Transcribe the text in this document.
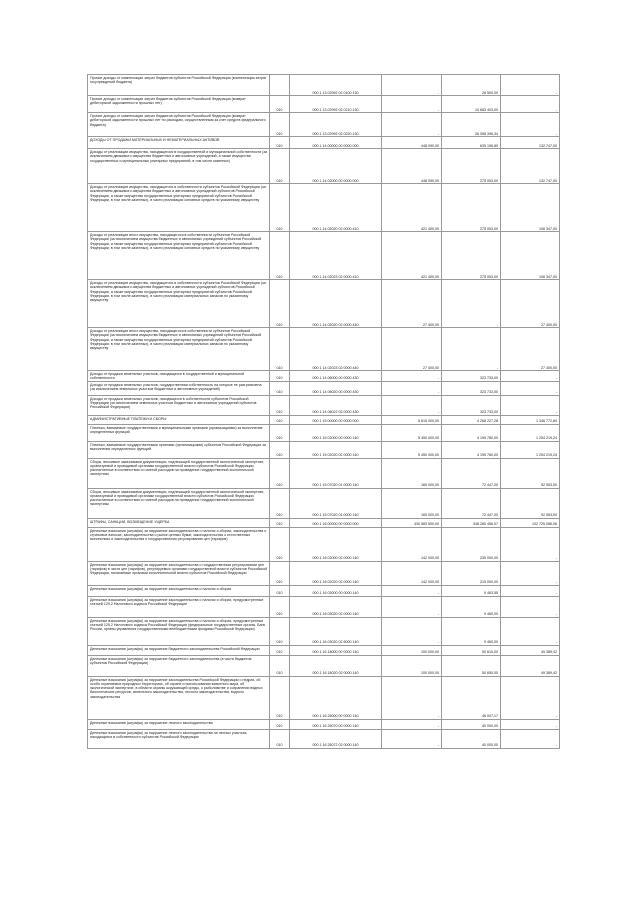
Прочие доходы от компенсации затрат бюджетов субъектов Российской Федерации (компенсации затрат госучреждений бюджета)		000 1 13 02992 02 0100 130	-	28 500,00	-
Прочие доходы от компенсации затрат бюджетов субъектов Российской Федерации (возврат дебиторской задолженности прошлых лет)	010	000 1 13 02992 02 0210 130	-	10 683 403,00	-
Прочие доходы от компенсации затрат бюджетов субъектов Российской Федерации (возврат дебиторской задолженности прошлых лет по расходам, осуществленным за счет средств федерального бюджета)	010	000 1 13 02992 02 0220 130	-	26 098 396,34	-
ДОХОДЫ ОТ ПРОДАЖИ МАТЕРИАЛЬНЫХ И НЕМАТЕРИАЛЬНЫХ АКТИВОВ	010	000 1 14 00000 00 0000 000	448 090,00	635 196,89	132 747,00
Доходы от реализации имущества, находящегося в государственной и муниципальной собственности (за исключением движимого имущества бюджетных и автономных учреждений, а также имущества государственных и муниципальных унитарных предприятий, в том числе казенных)	010	000 1 14 02000 00 0000 000	448 090,00	275 053,00	132 747,00
Доходы от реализации имущества, находящегося в собственности субъектов Российской Федерации (за исключением движимого имущества бюджетных и автономных учреждений субъектов Российской Федерации, а также имущества государственных унитарных предприятий субъектов Российской Федерации, в том числе казенных), в части реализации основных средств по указанному имуществу	010	000 1 14 02020 02 0000 410	421 400,00	275 053,00	106 347,00
Доходы от реализации иного имущества, находящегося в собственности субъектов Российской Федерации (за исключением имущества бюджетных и автономных учреждений субъектов Российской Федерации, а также имущества государственных унитарных предприятий субъектов Российской Федерации, в том числе казенных), в части реализации основных средств по указанному имуществу	010	000 1 14 02023 02 0000 410	421 400,00	275 053,00	106 347,00
Доходы от реализации имущества, находящегося в собственности субъектов Российской Федерации (за исключением движимого имущества бюджетных и автономных учреждений субъектов Российской Федерации, а также имущества государственных унитарных предприятий субъектов Российской Федерации, в том числе казенных), в части реализации материальных запасов по указанному имуществу	010	000 1 14 02020 02 0000 440	27 400,00	-	27 400,00
Доходы от реализации иного имущества, находящегося в собственности субъектов Российской Федерации (за исключением имущества бюджетных и автономных учреждений субъектов Российской Федерации, а также имущества государственных унитарных предприятий субъектов Российской Федерации, в том числе казенных), в части реализации материальных запасов по указанному имуществу	010	000 1 14 02023 02 0000 440	27 400,00	-	27 400,00
Доходы от продажи земельных участков, находящихся в государственной и муниципальной собственности	010	000 1 14 06000 00 0000 430	-	323 733,00	-
Доходы от продажи земельных участков, государственная собственность на которые не разграничена (за исключением земельных участков бюджетных и автономных учреждений)	010	000 1 14 06020 00 0000 430	-	323 733,00	-
Доходы от продажи земельных участков, находящихся в собственности субъектов Российской Федерации (за исключением земельных участков бюджетных и автономных учреждений субъектов Российской Федерации)	010	000 1 14 06022 02 0000 430	-	323 733,00	-
АДМИНИСТРАТИВНЫЕ ПЛАТЕЖИ И СБОРЫ	010	000 1 15 00000 00 0000 000	5 615 000,00	4 268 227,28	1 346 772,84
Платежи, взимаемые государственными и муниципальными органами (организациями) за выполнение определенных функций	010	000 1 15 02000 00 0000 140	5 450 000,00	4 195 780,00	1 254 219,24
Платежи, взимаемые государственными органами (организациями) субъектов Российской Федерации за выполнение определенных функций	010	000 1 15 02020 02 0000 140	5 450 000,00	4 195 780,00	1 254 219,24
Сборы, вносимые заказчиками документации, подлежащей государственной экологической экспертизе, организуемой и проводимой органами государственной власти субъектов Российской Федерации, рассчитанные в соответствии со сметой расходов на проведение государственной экологической экспертизы	010	000 1 15 07020 01 0000 140	165 000,00	72 447,00	92 553,00
Сборы, вносимые заказчиками документации, подлежащей государственной экологической экспертизе, организуемой и проводимой органами государственной власти субъектов Российской Федерации, рассчитанные в соответствии со сметой расходов на проведение государственной экологической экспертизы	010	000 1 15 07020 01 0000 140	165 000,00	72 447,00	92 553,00
ШТРАФЫ, САНКЦИИ, ВОЗМЕЩЕНИЕ УЩЕРБА	010	000 1 16 00000 00 0000 000	430 583 500,00	348 265 456,07	102 725 086,06
Денежные взыскания (штрафы) за нарушение законодательства о налогах и сборах, законодательства о страховых взносах, законодательства о рынке ценных бумаг, законодательства о естественных монополиях и законодательства о государственном регулировании цен (тарифов)	010	000 1 16 02000 02 0000 140	142 000,00	235 000,00	-
Денежные взыскания (штрафы) за нарушение законодательства о государственном регулировании цен (тарифов) в части цен (тарифов), регулируемых органами государственной власти субъектов Российской Федерации, налагаемые органами исполнительной власти субъектов Российской Федерации	010	000 1 16 02020 02 0000 140	142 000,00	215 000,00	-
Денежные взыскания (штрафы) за нарушение законодательства о налогах и сборах	010	000 1 16 03000 00 0000 140	-	9 463,55	-
Денежные взыскания (штрафы) за нарушение законодательства о налогах и сборах, предусмотренные статьей 129.2 Налогового кодекса Российской Федерации	010	000 1 16 03020 02 0000 140	-	9 460,00	-
Денежные взыскания (штрафы) за нарушение законодательства о налогах и сборах, предусмотренные статьей 129.2 Налогового кодекса Российской Федерации (федеральные государственные органы, Банк России, органы управления государственными внебюджетными фондами Российской Федерации)	010	000 1 16 03020 02 6000 140	-	9 460,00	-
Денежные взыскания (штрафы) за нарушение бюджетного законодательства Российской Федерации	010	000 1 16 18000 00 0000 140	100 000,00	50 610,00	49 389,42
Денежные взыскания (штрафы) за нарушение бюджетного законодательства (в части бюджетов субъектов Российской Федерации)	010	000 1 16 18020 02 0000 140	100 000,00	50 650,00	49 389,42
Денежные взыскания (штрафы) за нарушение законодательства Российской Федерации о недрах, об особо охраняемых природных территориях, об охране и использовании животного мира, об экологической экспертизе, в области охраны окружающей среды, о рыболовстве и сохранении водных биологических ресурсов, земельного законодательства, лесного законодательства, водного законодательства	010	000 1 16 25000 00 0000 140	-	46 007,17	-
Денежные взыскания (штрафы) за нарушение лесного законодательства	010	000 1 16 25070 00 0000 140	-	40 000,00	-
Денежные взыскания (штрафы) за нарушение лесного законодательства на лесных участках, находящихся в собственности субъектов Российской Федерации	010	000 1 16 25072 02 0000 140	-	40 000,00	-
